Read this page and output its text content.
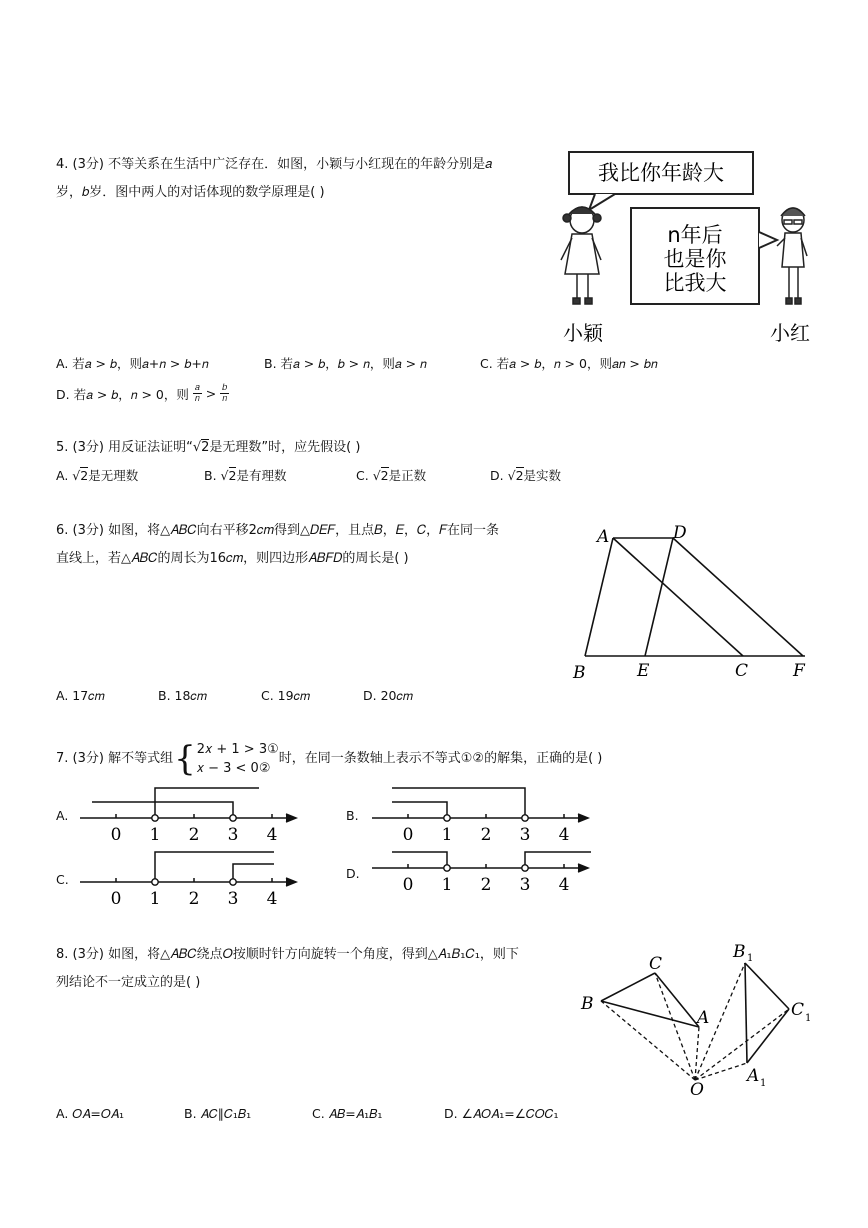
4. (3分) 不等关系在生活中广泛存在．如图，小颖与小红现在的年龄分别是𝑎
岁，𝑏岁．图中两人的对话体现的数学原理是( )
我比你年龄大
n年后
也是你
比我大
小颖	小红
A. 若𝑎 > 𝑏，则𝑎+𝑛 > 𝑏+𝑛	B. 若𝑎 > 𝑏，𝑏 > 𝑛，则𝑎 > 𝑛	C. 若𝑎 > 𝑏，𝑛 > 0，则𝑎𝑛 > 𝑏𝑛
D. 若𝑎 > 𝑏，𝑛 > 0，则 𝑎
𝑛 > 𝑏
𝑛
5. (3分) 用反证法证明“√2是无理数”时，应先假设( )
A. √2是无理数	B. √2是有理数	C. √2是正数	D. √2是实数
6. (3分) 如图，将△𝐴𝐵𝐶向右平移2𝑐𝑚得到△𝐷𝐸𝐹，且点𝐵，𝐸，𝐶，𝐹在同一条
直线上，若△𝐴𝐵𝐶的周长为16𝑐𝑚，则四边形𝐴𝐵𝐹𝐷的周长是( )
A	D
B	E	C	F
A. 17𝑐𝑚	B. 18𝑐𝑚	C. 19𝑐𝑚	D. 20𝑐𝑚
7. (3分) 解不等式组 { 2𝑥 + 1 > 3①
𝑥 − 3 < 0②
时，在同一条数轴上表示不等式①②的解集，正确的是( )
A.	B.
C.	D.
0 1 2 3 4	0 1 2 3 4
0 1 2 3 4
0 1 2 3 4
8. (3分) 如图，将△𝐴𝐵𝐶绕点𝑂按顺时针方向旋转一个角度，得到△𝐴₁𝐵₁𝐶₁，则下
列结论不一定成立的是( )
B
C
A
O
B 1
C 1
A 1
A. 𝑂𝐴=𝑂𝐴₁	B. 𝐴𝐶∥𝐶₁𝐵₁	C. 𝐴𝐵=𝐴₁𝐵₁	D. ∠𝐴𝑂𝐴₁=∠𝐶𝑂𝐶₁
